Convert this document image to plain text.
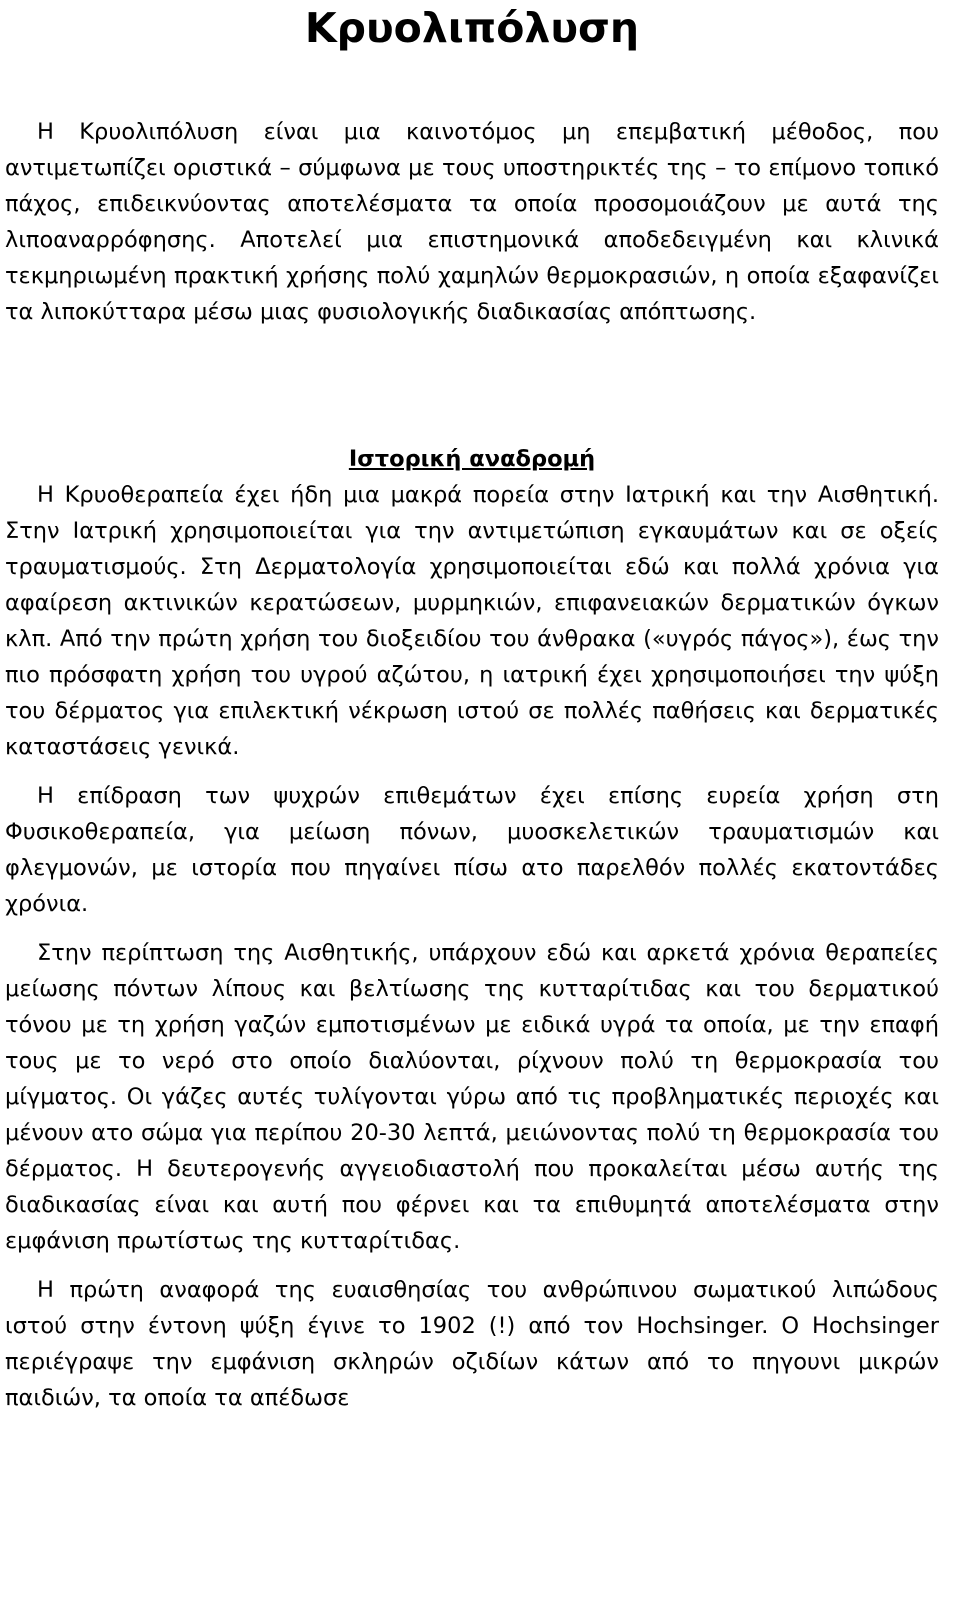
Κρυολιπόλυση

Η Κρυολιπόλυση είναι μια καινοτόμος μη επεμβατική μέθοδος, που αντιμετωπίζει οριστικά – σύμφωνα με τους υποστηρικτές της – το επίμονο τοπικό πάχος, επιδεικνύοντας αποτελέσματα τα οποία προσομοιάζουν με αυτά της λιποαναρρόφησης. Αποτελεί μια επιστημονικά αποδεδειγμένη και κλινικά τεκμηριωμένη πρακτική χρήσης πολύ χαμηλών θερμοκρασιών, η οποία εξαφανίζει τα λιποκύτταρα μέσω μιας φυσιολογικής διαδικασίας απόπτωσης.

Ιστορική αναδρομή

Η Κρυοθεραπεία έχει ήδη μια μακρά πορεία στην Ιατρική και την Αισθητική. Στην Ιατρική χρησιμοποιείται για την αντιμετώπιση εγκαυμάτων και σε οξείς τραυματισμούς. Στη Δερματολογία χρησιμοποιείται εδώ και πολλά χρόνια για αφαίρεση ακτινικών κερατώσεων, μυρμηκιών, επιφανειακών δερματικών όγκων κλπ. Από την πρώτη χρήση του διοξειδίου του άνθρακα («υγρός πάγος»), έως την πιο πρόσφατη χρήση του υγρού αζώτου, η ιατρική έχει χρησιμοποιήσει την ψύξη του δέρματος για επιλεκτική νέκρωση ιστού σε πολλές παθήσεις και δερματικές καταστάσεις γενικά.

Η επίδραση των ψυχρών επιθεμάτων έχει επίσης ευρεία χρήση στη Φυσικοθεραπεία, για μείωση πόνων, μυοσκελετικών τραυματισμών και φλεγμονών, με ιστορία που πηγαίνει πίσω ατο παρελθόν πολλές εκατοντάδες χρόνια.

Στην περίπτωση της Αισθητικής, υπάρχουν εδώ και αρκετά χρόνια θεραπείες μείωσης πόντων λίπους και βελτίωσης της κυτταρίτιδας και του δερματικού τόνου με τη χρήση γαζών εμποτισμένων με ειδικά υγρά τα οποία, με την επαφή τους με το νερό στο οποίο διαλύονται, ρίχνουν πολύ τη θερμοκρασία του μίγματος. Οι γάζες αυτές τυλίγονται γύρω από τις προβληματικές περιοχές και μένουν ατο σώμα για περίπου 20-30 λεπτά, μειώνοντας πολύ τη θερμοκρασία του δέρματος. Η δευτερογενής αγγειοδιαστολή που προκαλείται μέσω αυτής της διαδικασίας είναι και αυτή που φέρνει και τα επιθυμητά αποτελέσματα στην εμφάνιση πρωτίστως της κυτταρίτιδας.

Η πρώτη αναφορά της ευαισθησίας του ανθρώπινου σωματικού λιπώδους ιστού στην έντονη ψύξη έγινε το 1902 (!) από τον Hochsinger. Ο Hochsinger περιέγραψε την εμφάνιση σκληρών οζιδίων κάτων από το πηγουνι μικρών παιδιών, τα οποία τα απέδωσε
